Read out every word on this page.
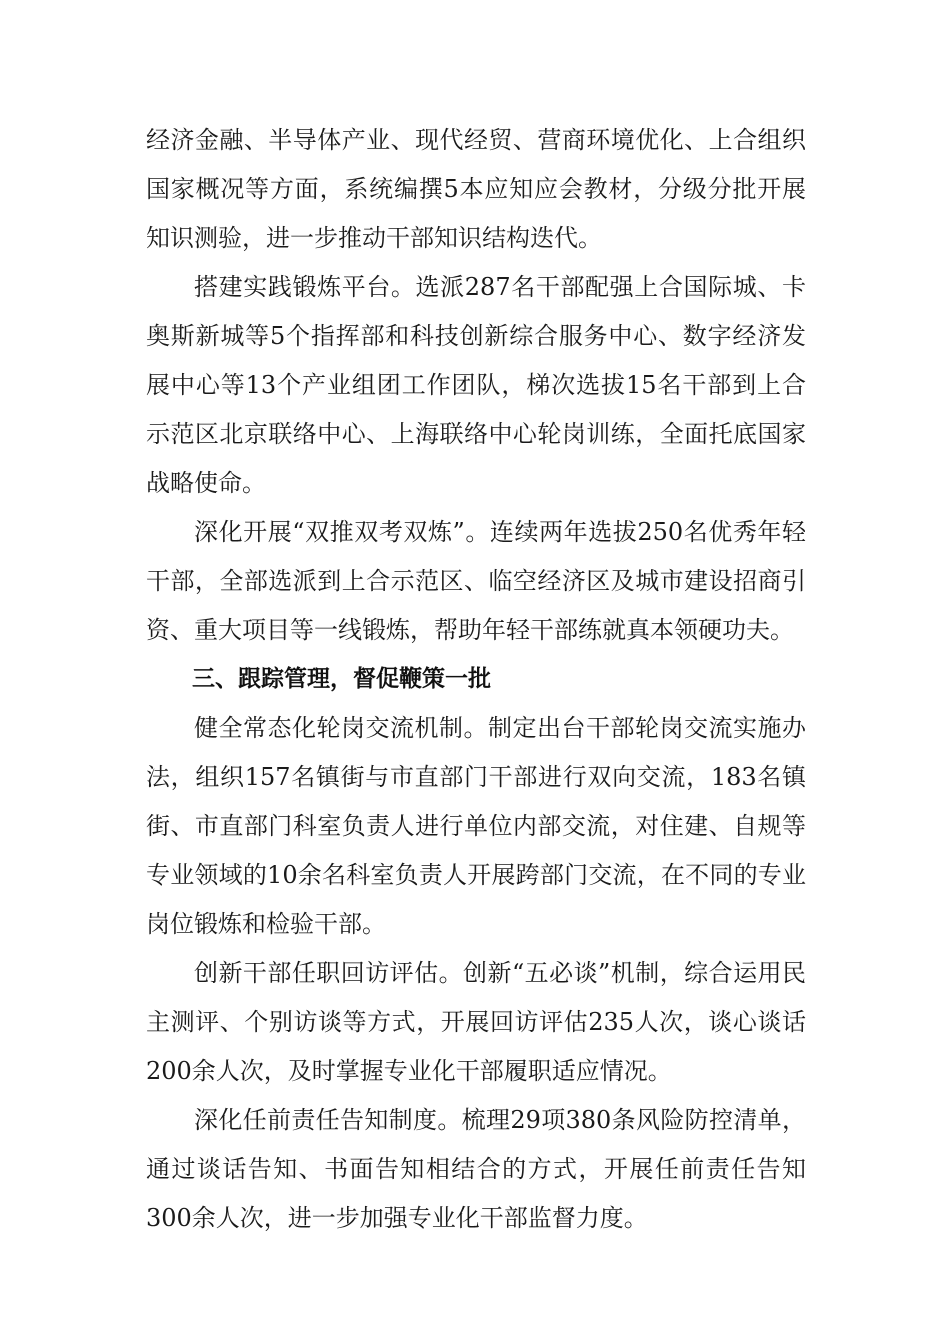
经济金融、半导体产业、现代经贸、营商环境优化、上合组织国家概况等方面，系统编撰5本应知应会教材，分级分批开展知识测验，进一步推动干部知识结构迭代。

搭建实践锻炼平台。选派287名干部配强上合国际城、卡奥斯新城等5个指挥部和科技创新综合服务中心、数字经济发展中心等13个产业组团工作团队，梯次选拔15名干部到上合示范区北京联络中心、上海联络中心轮岗训练，全面托底国家战略使命。

深化开展“双推双考双炼”。连续两年选拔250名优秀年轻干部，全部选派到上合示范区、临空经济区及城市建设招商引资、重大项目等一线锻炼，帮助年轻干部练就真本领硬功夫。

三、跟踪管理，督促鞭策一批

健全常态化轮岗交流机制。制定出台干部轮岗交流实施办法，组织157名镇街与市直部门干部进行双向交流，183名镇街、市直部门科室负责人进行单位内部交流，对住建、自规等专业领域的10余名科室负责人开展跨部门交流，在不同的专业岗位锻炼和检验干部。

创新干部任职回访评估。创新“五必谈”机制，综合运用民主测评、个别访谈等方式，开展回访评估235人次，谈心谈话200余人次，及时掌握专业化干部履职适应情况。

深化任前责任告知制度。梳理29项380条风险防控清单，通过谈话告知、书面告知相结合的方式，开展任前责任告知300余人次，进一步加强专业化干部监督力度。
